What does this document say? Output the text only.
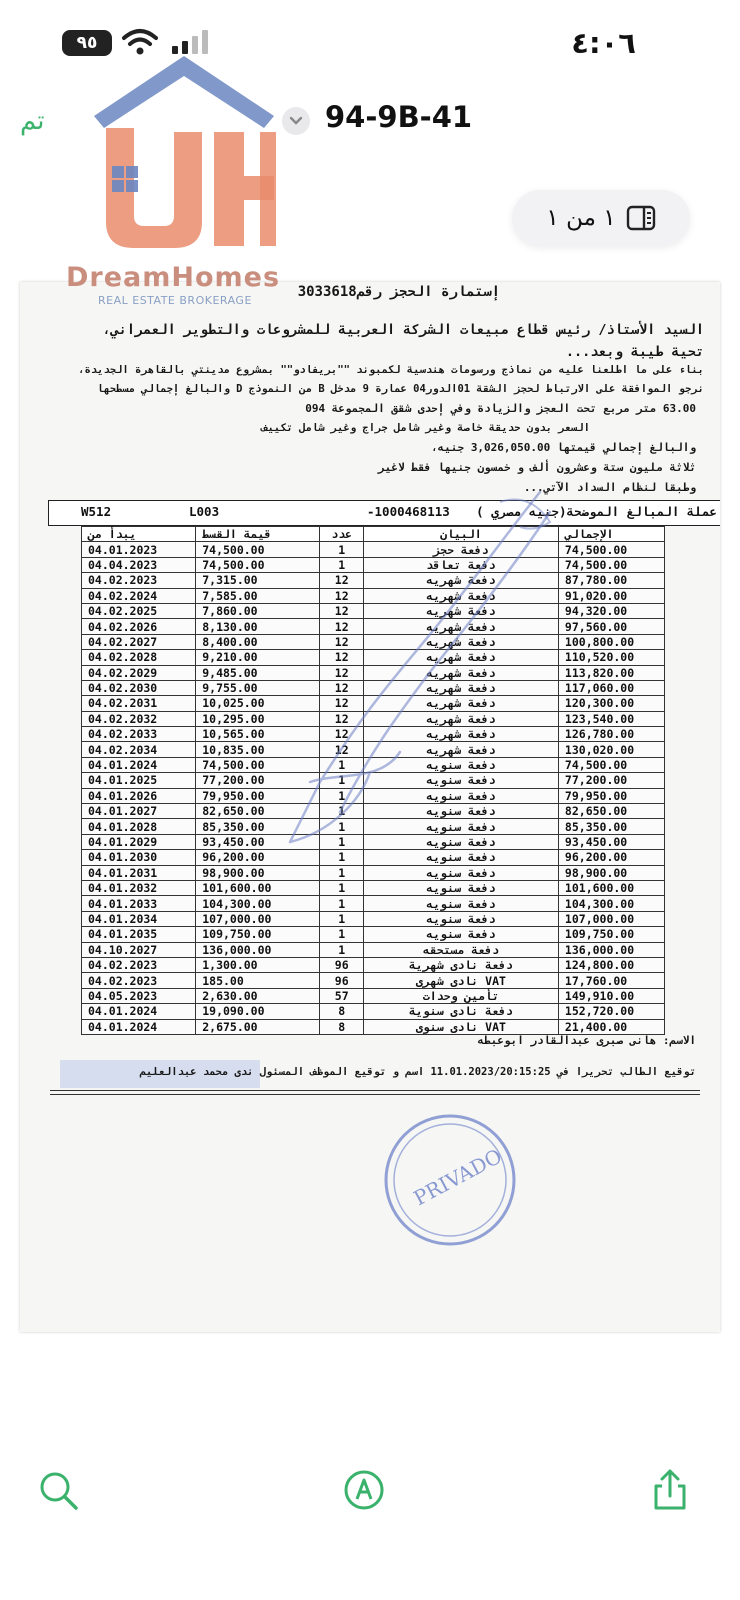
٩٥	٤:٠٦
تم	94-9B-41
١ من ١
إستمارة الحجز رقم3033618
السيد الأستاذ/ رئيس قطاع مبيعات الشركة العربية للمشروعات والتطوير العمراني،
تحية طيبة وبعد...
بناء على ما اطلعنا عليه من نماذج ورسومات هندسية لكمبوند ""بريفادو"" بمشروع مدينتي بالقاهرة الجديدة،
نرجو الموافقة على الارتباط لحجز الشقة 01الدور04 عمارة 9 مدخل B من النموذج D والبالغ إجمالي مسطحها
63.00 متر مربع تحت العجز والزيادة وفي إحدى شقق المجموعة 094
السعر بدون حديقة خاصة وغير شامل جراج وغير شامل تكييف
والبالغ إجمالي قيمتها 3,026,050.00 جنيه،
ثلاثة مليون ستة وعشرون ألف و خمسون جنيها فقط لاغير
وطبقا لنظام السداد الآتي...
عملة المبالغ الموضحة(جنيه مصري )
-1000468113
L003
W512
الإجمالي	البيان	عدد	قيمة القسط	يبدأ من
74,500.00	دفعة حجز	1	74,500.00	04.01.2023
74,500.00	دفعة تعاقد	1	74,500.00	04.04.2023
87,780.00	دفعة شهريه	12	7,315.00	04.02.2023
91,020.00	دفعة شهريه	12	7,585.00	04.02.2024
94,320.00	دفعة شهريه	12	7,860.00	04.02.2025
97,560.00	دفعة شهريه	12	8,130.00	04.02.2026
100,800.00	دفعة شهريه	12	8,400.00	04.02.2027
110,520.00	دفعة شهريه	12	9,210.00	04.02.2028
113,820.00	دفعة شهريه	12	9,485.00	04.02.2029
117,060.00	دفعة شهريه	12	9,755.00	04.02.2030
120,300.00	دفعة شهريه	12	10,025.00	04.02.2031
123,540.00	دفعة شهريه	12	10,295.00	04.02.2032
126,780.00	دفعة شهريه	12	10,565.00	04.02.2033
130,020.00	دفعة شهريه	12	10,835.00	04.02.2034
74,500.00	دفعة سنويه	1	74,500.00	04.01.2024
77,200.00	دفعة سنويه	1	77,200.00	04.01.2025
79,950.00	دفعة سنويه	1	79,950.00	04.01.2026
82,650.00	دفعة سنويه	1	82,650.00	04.01.2027
85,350.00	دفعة سنويه	1	85,350.00	04.01.2028
93,450.00	دفعة سنويه	1	93,450.00	04.01.2029
96,200.00	دفعة سنويه	1	96,200.00	04.01.2030
98,900.00	دفعة سنويه	1	98,900.00	04.01.2031
101,600.00	دفعة سنويه	1	101,600.00	04.01.2032
104,300.00	دفعة سنويه	1	104,300.00	04.01.2033
107,000.00	دفعة سنويه	1	107,000.00	04.01.2034
109,750.00	دفعة سنويه	1	109,750.00	04.01.2035
136,000.00	دفعة مستحقه	1	136,000.00	04.10.2027
124,800.00	دفعة نادى شهرية	96	1,300.00	04.02.2023
17,760.00	VAT نادى شهرى	96	185.00	04.02.2023
149,910.00	تأمين وحدات	57	2,630.00	04.05.2023
152,720.00	دفعة نادى سنوية	8	19,090.00	04.01.2024
21,400.00	VAT نادى سنوى	8	2,675.00	04.01.2024
الاسم: هانى صبرى عبدالقادر ابوعبطه
توقيع الطالب تحريرا في 11.01.2023/20:15:25 اسم و توقيع الموظف المسئول ندى محمد عبدالعليم
PRIVADO
DreamHomes
REAL ESTATE BROKERAGE
